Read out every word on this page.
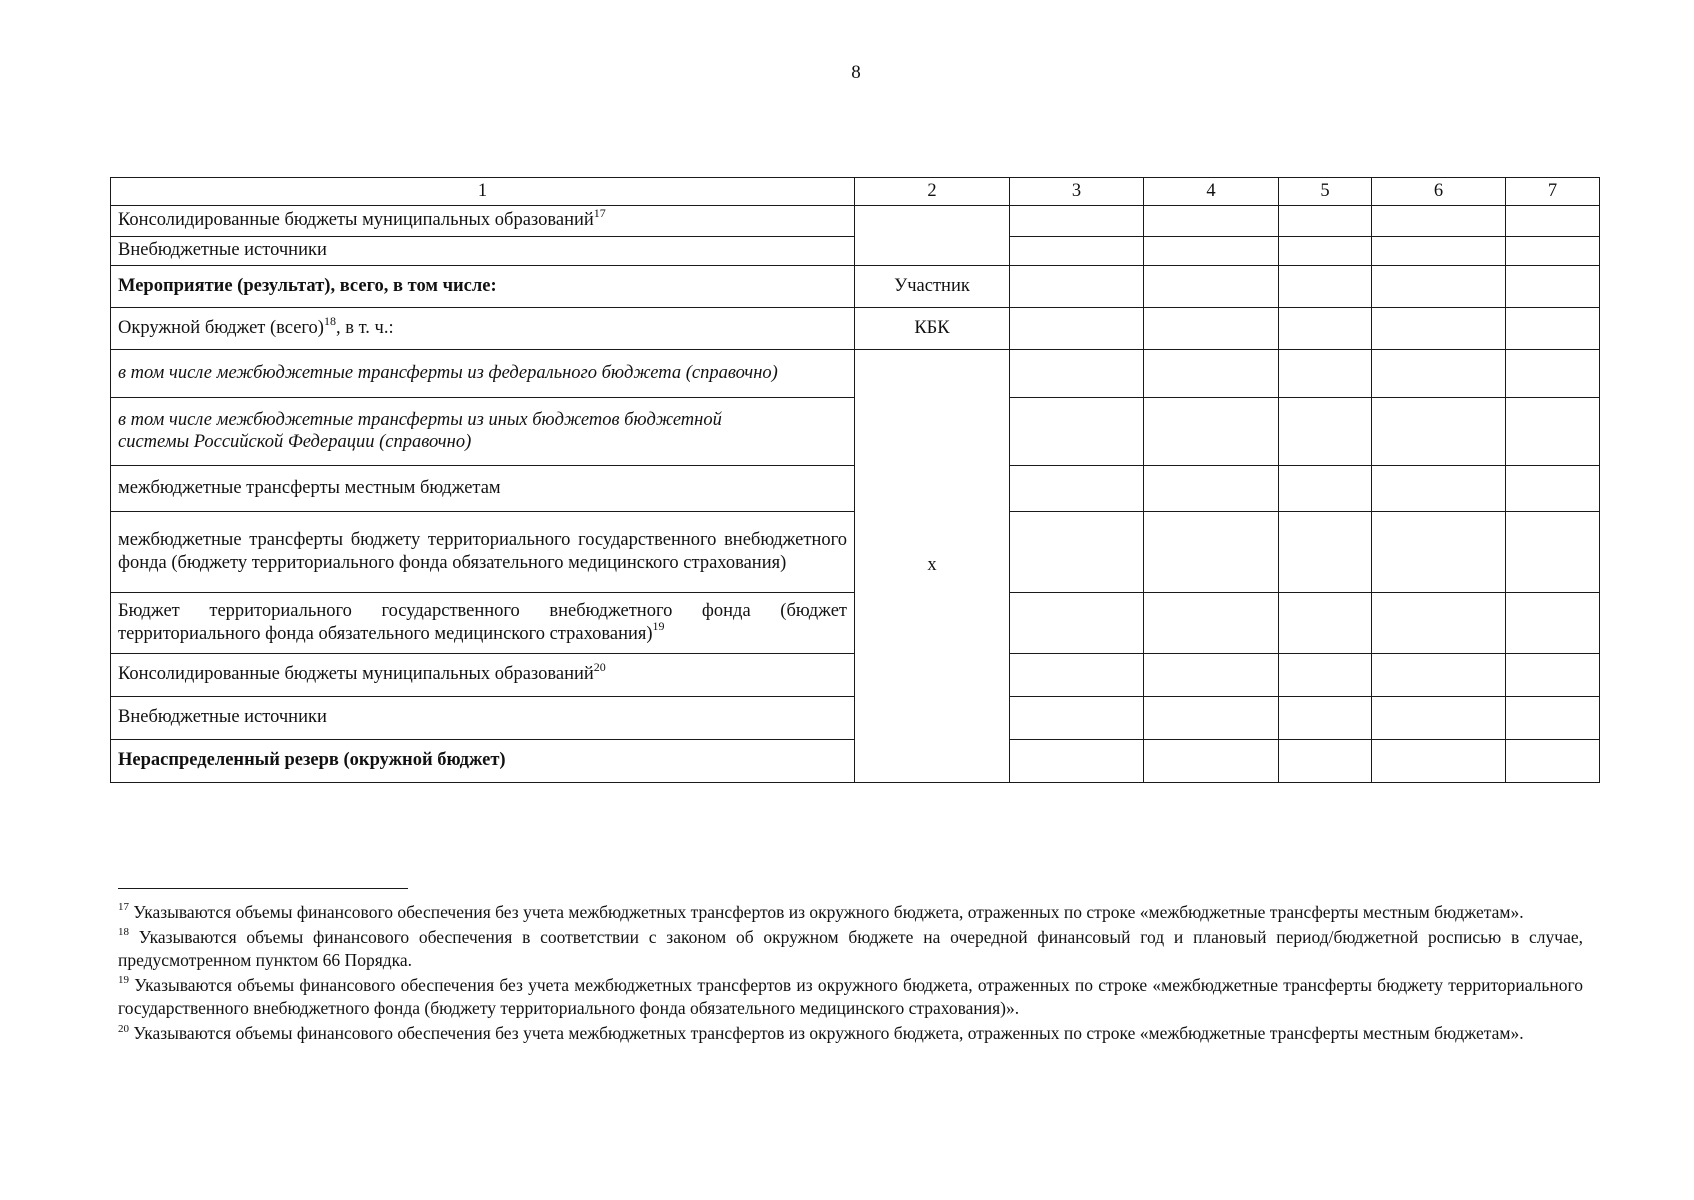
8
1	2	3	4	5	6	7
Консолидированные бюджеты муниципальных образований$^{17}$						
Внебюджетные источники						
Мероприятие (результат), всего, в том числе:	Участник					
Окружной бюджет (всего)$^{18}$, в т. ч.:	КБК					
в том числе межбюджетные трансферты из федерального бюджета (справочно)	х					

в том числе межбюджетные трансферты из иных бюджетов бюджетной системы Российской Федерации (справочно)						

межбюджетные трансферты местным бюджетам						
межбюджетные трансферты бюджету территориального государственного внебюджетного фонда (бюджету территориального фонда обязательного медицинского страхования)						
Бюджет территориального государственного внебюджетного фонда (бюджет территориального фонда обязательного медицинского страхования)$^{19}$					
Консолидированные бюджеты муниципальных образований$^{20}$					
Внебюджетные источники						
Нераспределенный резерв (окружной бюджет)						

$^{17}$ Указываются объемы финансового обеспечения без учета межбюджетных трансфертов из окружного бюджета, отраженных по строке «межбюджетные трансферты местным бюджетам».

$^{18}$ Указываются объемы финансового обеспечения в соответствии с законом об окружном бюджете на очередной финансовый год и плановый период/бюджетной росписью в случае, предусмотренном пунктом 66 Порядка.

$^{19}$ Указываются объемы финансового обеспечения без учета межбюджетных трансфертов из окружного бюджета, отраженных по строке «межбюджетные трансферты бюджету территориального государственного внебюджетного фонда (бюджету территориального фонда обязательного медицинского страхования)».

$^{20}$ Указываются объемы финансового обеспечения без учета межбюджетных трансфертов из окружного бюджета, отраженных по строке «межбюджетные трансферты местным бюджетам».
